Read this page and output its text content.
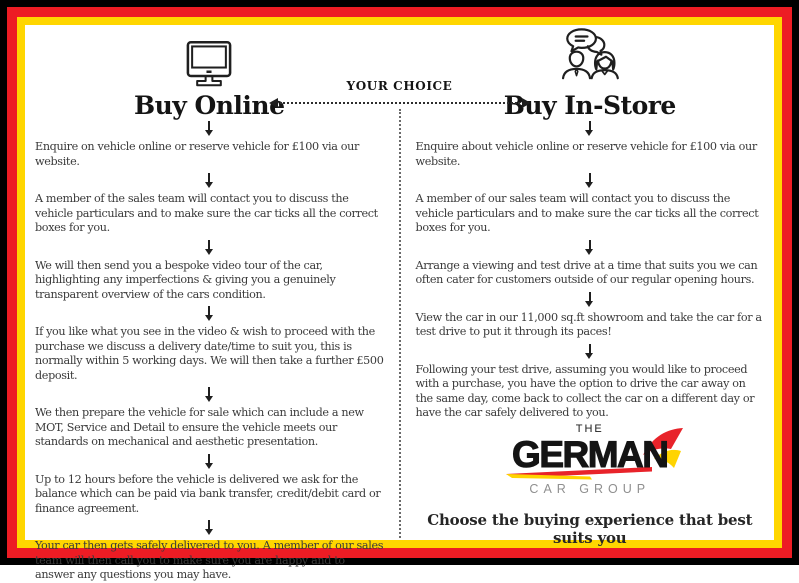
YOUR CHOICE
Buy Online
Enquire on vehicle online or reserve vehicle for £100 via our website.
A member of the sales team will contact you to discuss the vehicle particulars and to make sure the car ticks all the correct boxes for you.
We will then send you a bespoke video tour of the car, highlighting any imperfections & giving you a genuinely transparent overview of the cars condition.
If you like what you see in the video & wish to proceed with the purchase we discuss a delivery date/time to suit you, this is normally within 5 working days. We will then take a further £500 deposit.
We then prepare the vehicle for sale which can include a new MOT, Service and Detail to ensure the vehicle meets our standards on mechanical and aesthetic presentation.
Up to 12 hours before the vehicle is delivered we ask for the balance which can be paid via bank transfer, credit/debit card or finance agreement.
Your car then gets safely delivered to you. A member of our sales team will then call you to make sure you are happy and to answer any questions you may have.
Buy In-Store
Enquire about vehicle online or reserve vehicle for £100 via our website.
A member of our sales team will contact you to discuss the vehicle particulars and to make sure the car ticks all the correct boxes for you.
Arrange a viewing and test drive at a time that suits you we can often cater for customers outside of our regular opening hours.
View the car in our 11,000 sq.ft showroom and take the car for a test drive to put it through its paces!
Following your test drive, assuming you would like to proceed with a purchase, you have the option to drive the car away on the same day, come back to collect the car on a different day or have the car safely delivered to you.
THE
GERMAN
CAR GROUP
Choose the buying experience that best suits you
